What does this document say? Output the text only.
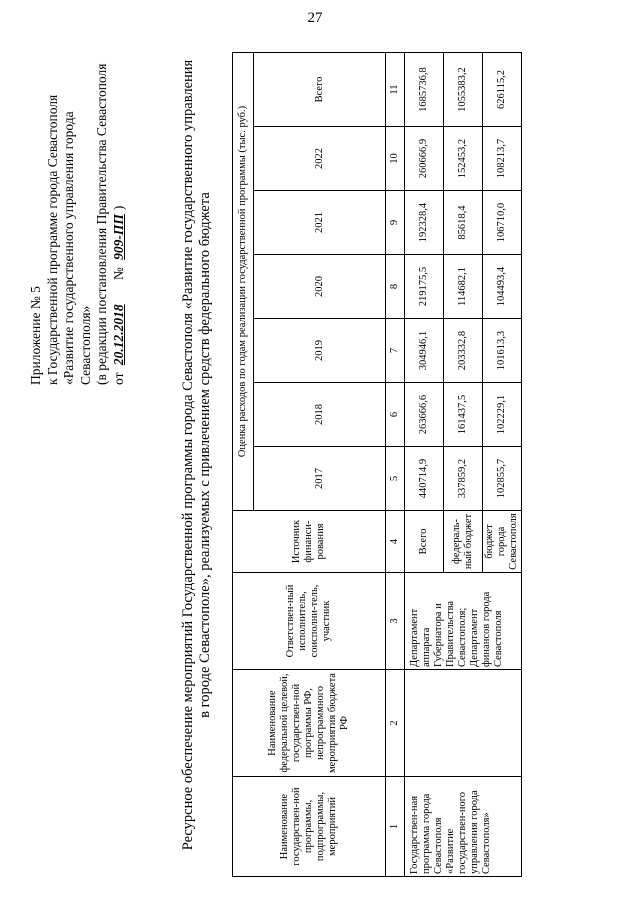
27
Приложение № 5 к Государственной программе города Севастополя «Развитие государственного управления города Севастополя» (в редакции постановления Правительства Севастополя от 20.12.2018      № 909-ПП)	Ресурсное обеспечение мероприятий Государственной программы города Севастополя «Развитие государственного управления в городе Севастополе», реализуемых с привлечением средств федерального бюджета
Наименование государствен-ной программы, подпрограммы, мероприятий	Наименование федеральной целевой, государствен-ной программы РФ, непрограммного мероприятия бюджета РФ	Ответствен-ный исполнитель, соисполни-тель, участник	Источник финанси-рования	Оценка расходов по годам реализации государственной программы (тыс. руб.)						
				2017	2018	2019	2020	2021	2022	Всего
1	2	3	4	5	6	7	8	9	10	11
Государствен-ная программа города Севастополя «Развитие государствен-ного управления города Севастополя»		Департамент аппарата Губернатора и Правительства Севастополя; Департамент финансов города Севастополя	Всего	440714,9	263666,6	304946,1	219175,5	192328,4	260666,9	1685736,8
			федераль-ный бюджет	337859,2	161437,5	203332,8	114682,1	85618,4	152453,2	1055383,2
			бюджет города Севастополя	102855,7	102229,1	101613,3	104493,4	106710,0	108213,7	626115,2
